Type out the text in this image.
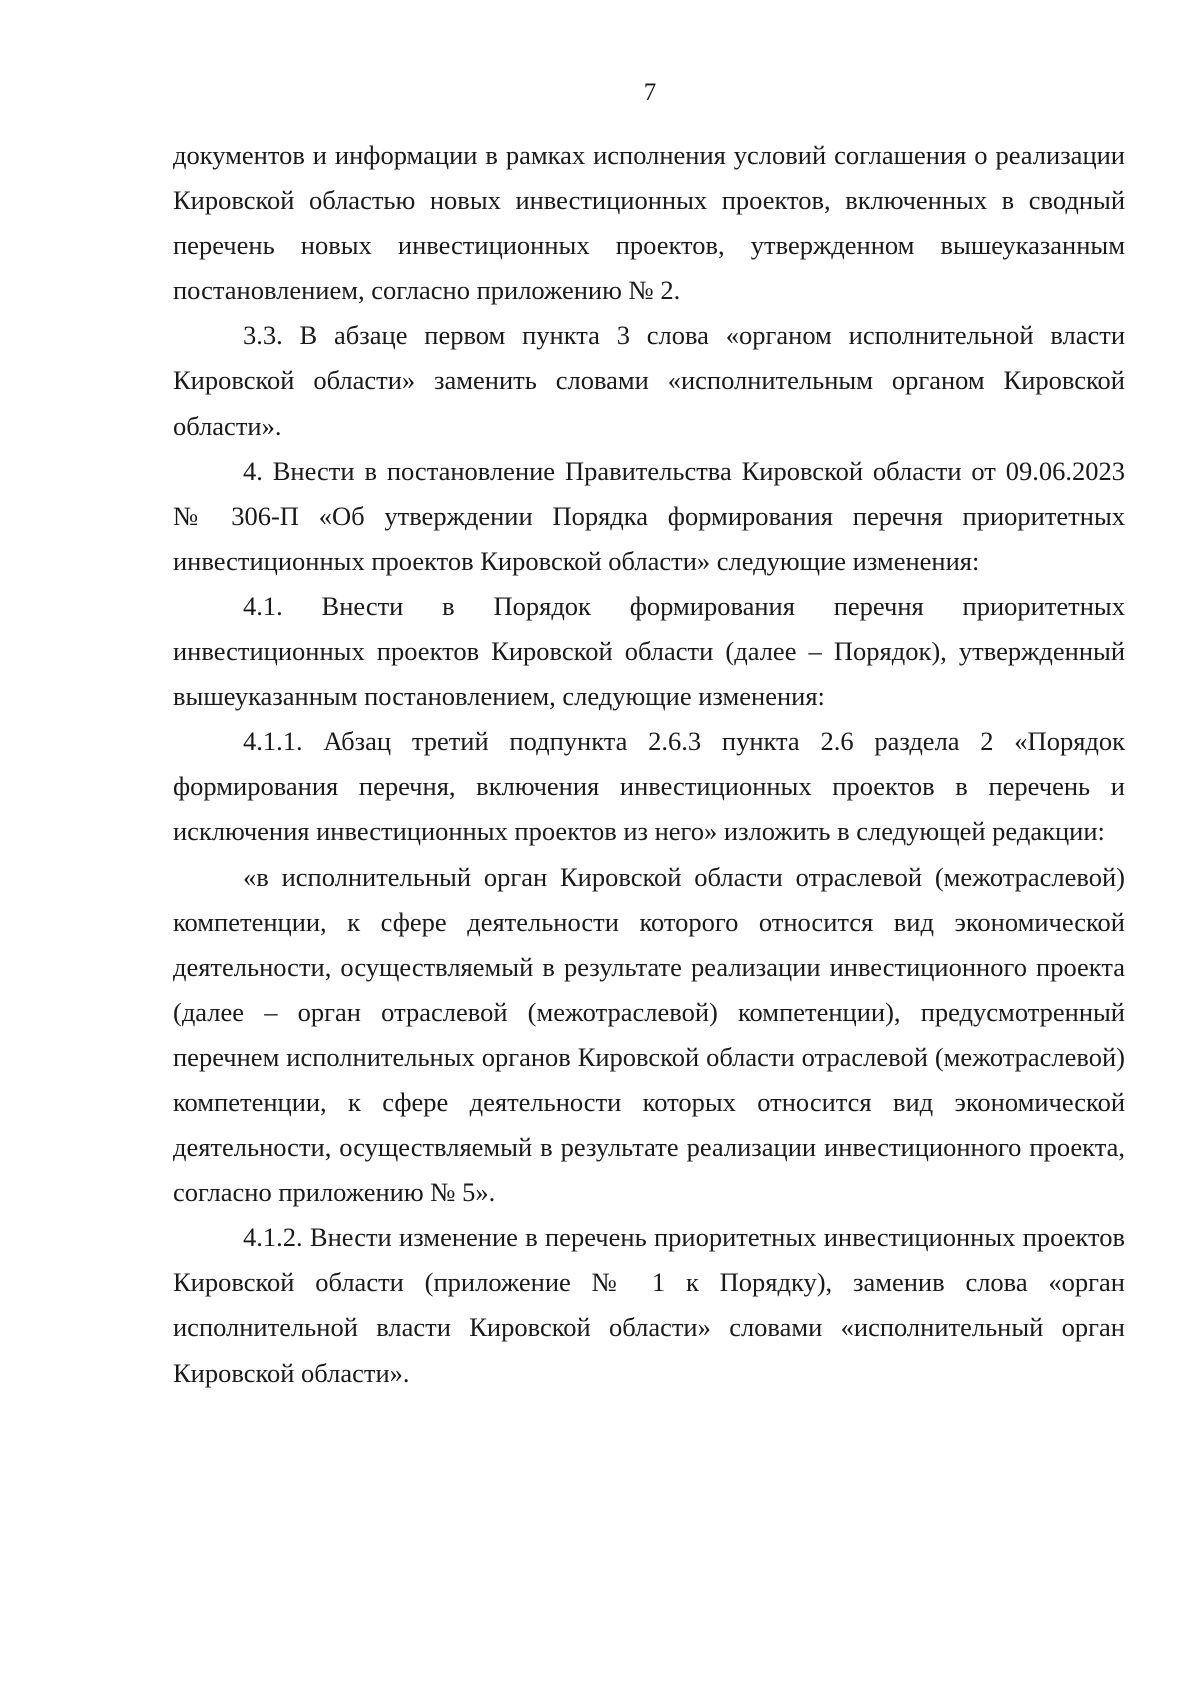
7

документов и информации в рамках исполнения условий соглашения о реализации Кировской областью новых инвестиционных проектов, включенных в сводный перечень новых инвестиционных проектов, утвержденном вышеуказанным постановлением, согласно приложению № 2.

3.3. В абзаце первом пункта 3 слова «органом исполнительной власти Кировской области» заменить словами «исполнительным органом Кировской области».

4. Внести в постановление Правительства Кировской области от 09.06.2023 № 306-П «Об утверждении Порядка формирования перечня приоритетных инвестиционных проектов Кировской области» следующие изменения:

4.1. Внести в Порядок формирования перечня приоритетных инвестиционных проектов Кировской области (далее – Порядок), утвержденный вышеуказанным постановлением, следующие изменения:

4.1.1. Абзац третий подпункта 2.6.3 пункта 2.6 раздела 2 «Порядок формирования перечня, включения инвестиционных проектов в перечень и исключения инвестиционных проектов из него» изложить в следующей редакции:

«в исполнительный орган Кировской области отраслевой (межотраслевой) компетенции, к сфере деятельности которого относится вид экономической деятельности, осуществляемый в результате реализации инвестиционного проекта (далее – орган отраслевой (межотраслевой) компетенции), предусмотренный перечнем исполнительных органов Кировской области отраслевой (межотраслевой) компетенции, к сфере деятельности которых относится вид экономической деятельности, осуществляемый в результате реализации инвестиционного проекта, согласно приложению № 5».

4.1.2. Внести изменение в перечень приоритетных инвестиционных проектов Кировской области (приложение № 1 к Порядку), заменив слова «орган исполнительной власти Кировской области» словами «исполнительный орган Кировской области».
